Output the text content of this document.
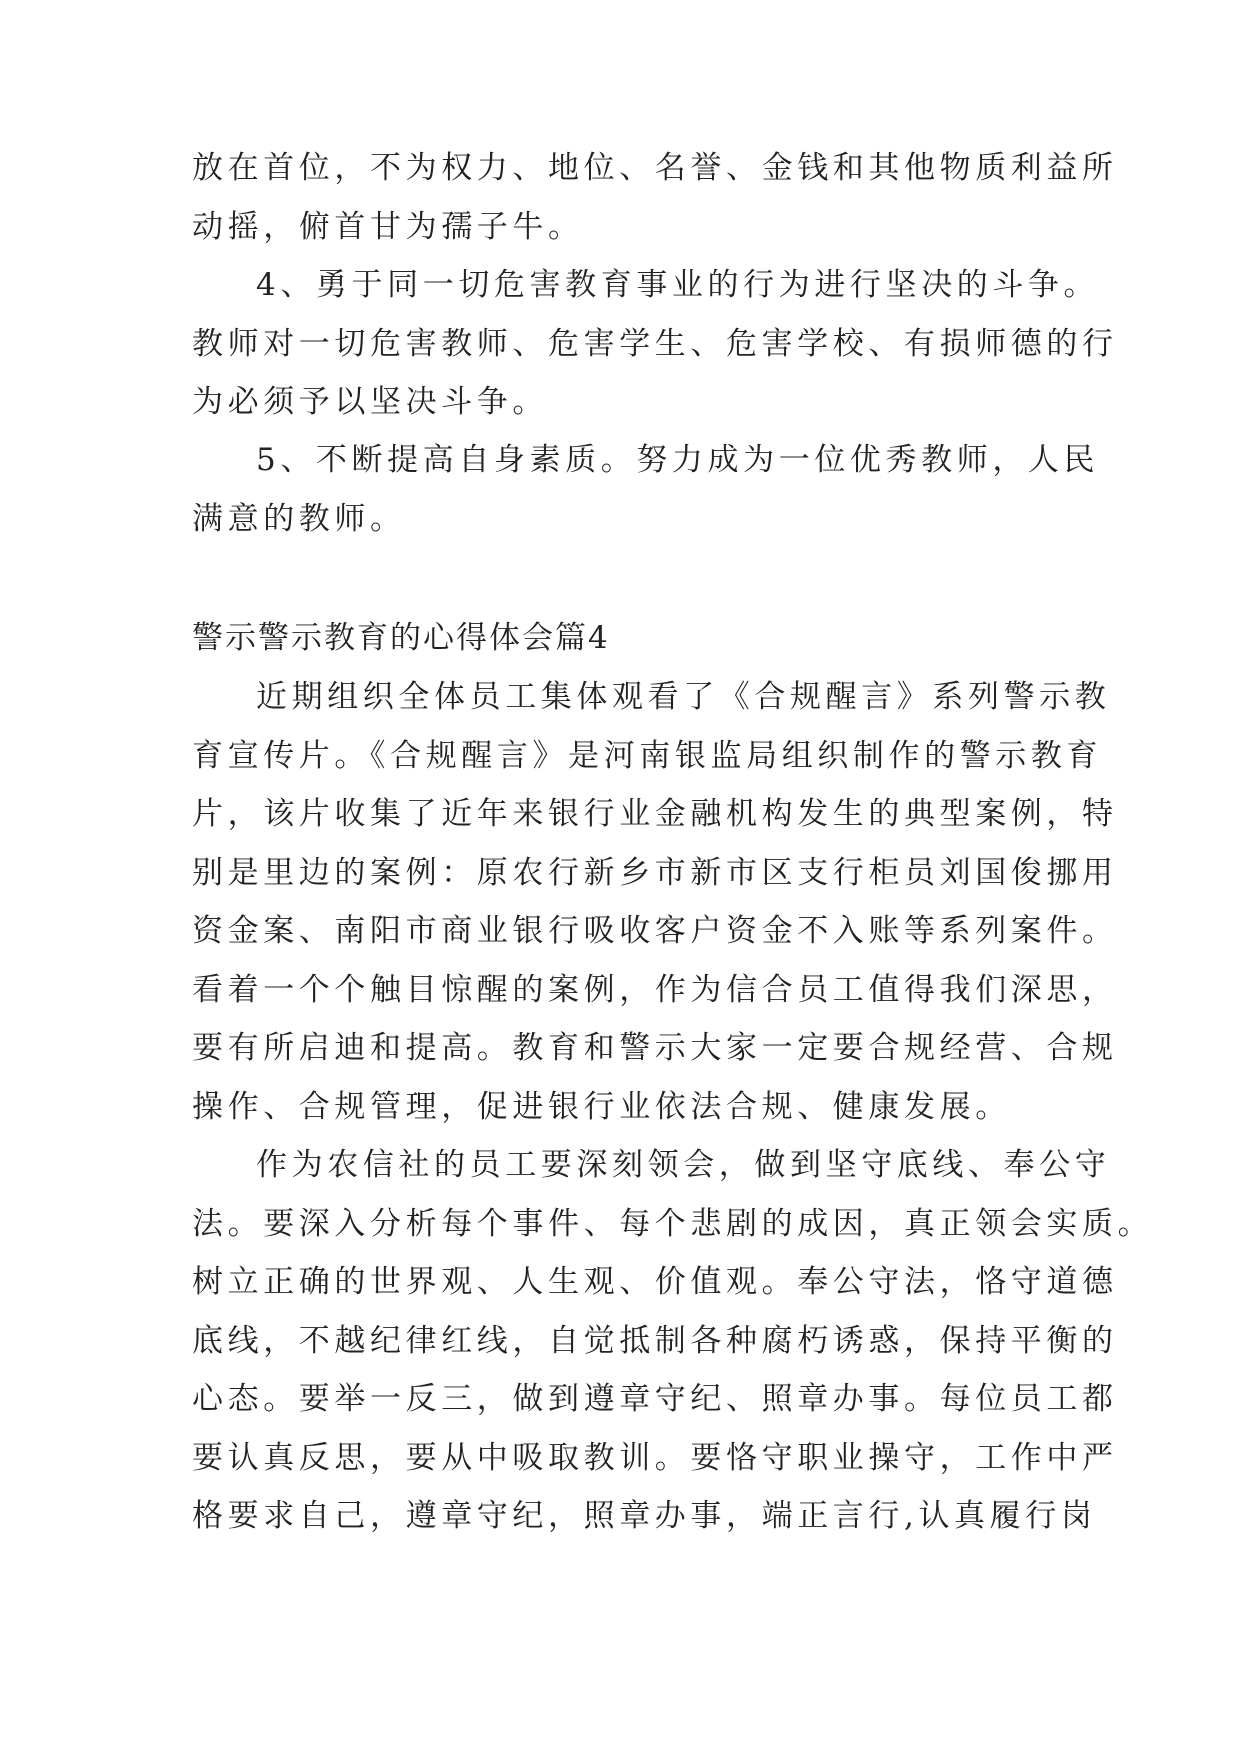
放在首位，不为权力、地位、名誉、金钱和其他物质利益所
动摇，俯首甘为孺子牛。
4、勇于同一切危害教育事业的行为进行坚决的斗争。
教师对一切危害教师、危害学生、危害学校、有损师德的行
为必须予以坚决斗争。
5、不断提高自身素质。努力成为一位优秀教师，人民
满意的教师。
警示警示教育的心得体会篇4
近期组织全体员工集体观看了《合规醒言》系列警示教
育宣传片。《合规醒言》是河南银监局组织制作的警示教育
片，该片收集了近年来银行业金融机构发生的典型案例，特
别是里边的案例：原农行新乡市新市区支行柜员刘国俊挪用
资金案、南阳市商业银行吸收客户资金不入账等系列案件。
看着一个个触目惊醒的案例，作为信合员工值得我们深思，
要有所启迪和提高。教育和警示大家一定要合规经营、合规
操作、合规管理，促进银行业依法合规、健康发展。
作为农信社的员工要深刻领会，做到坚守底线、奉公守
法。要深入分析每个事件、每个悲剧的成因，真正领会实质。
树立正确的世界观、人生观、价值观。奉公守法，恪守道德
底线，不越纪律红线，自觉抵制各种腐朽诱惑，保持平衡的
心态。要举一反三，做到遵章守纪、照章办事。每位员工都
要认真反思，要从中吸取教训。要恪守职业操守，工作中严
格要求自己，遵章守纪，照章办事，端正言行,认真履行岗
